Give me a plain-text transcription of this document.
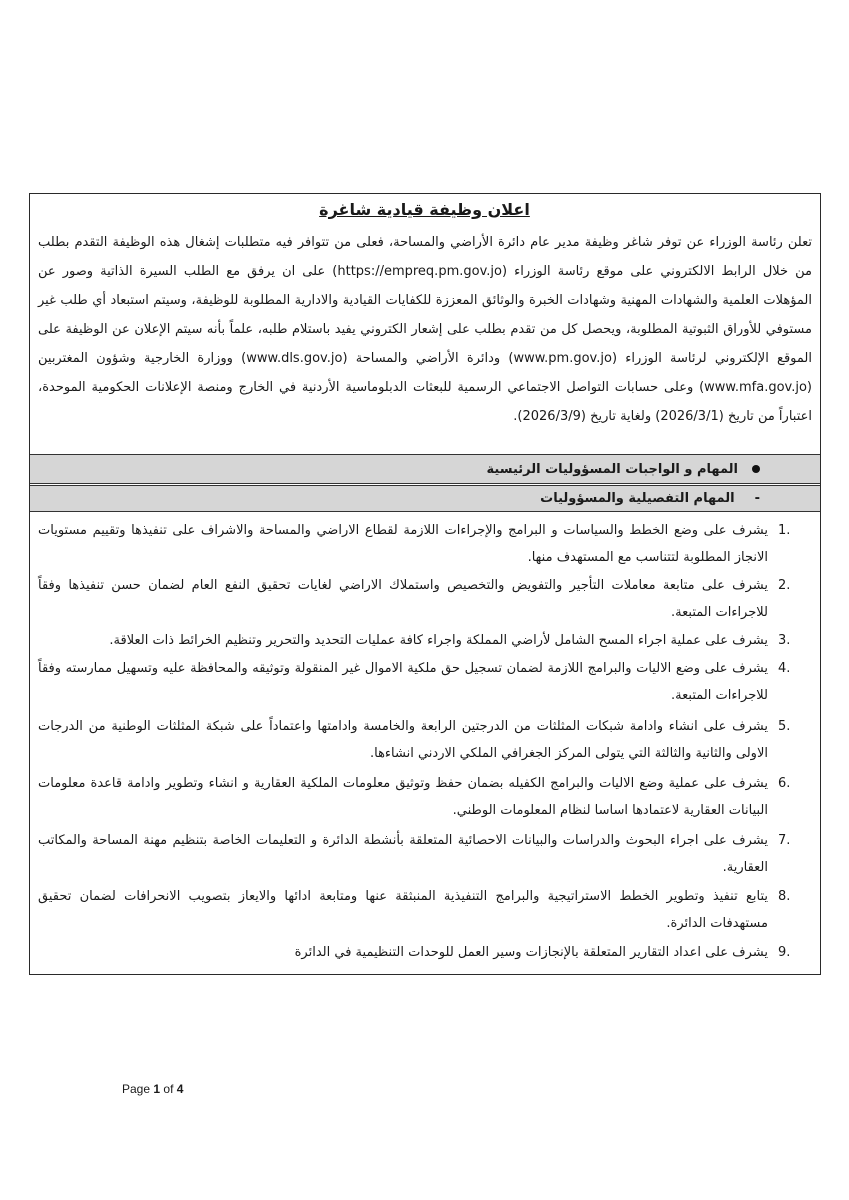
اعلان وظيفة قيادية شاغرة

تعلن رئاسة الوزراء عن توفر شاغر وظيفة مدير عام دائرة الأراضي والمساحة، فعلى من تتوافر فيه متطلبات إشغال هذه الوظيفة التقدم بطلب من خلال الرابط الالكتروني على موقع رئاسة الوزراء (https://empreq.pm.gov.jo) على ان يرفق مع الطلب السيرة الذاتية وصور عن المؤهلات العلمية والشهادات المهنية وشهادات الخبرة والوثائق المعززة للكفايات القيادية والادارية المطلوبة للوظيفة، وسيتم استبعاد أي طلب غير مستوفي للأوراق الثبوتية المطلوبة، ويحصل كل من تقدم بطلب على إشعار الكتروني يفيد باستلام طلبه، علماً بأنه سيتم الإعلان عن الوظيفة على الموقع الإلكتروني لرئاسة الوزراء (www.pm.gov.jo) ودائرة الأراضي والمساحة (www.dls.gov.jo) ووزارة الخارجية وشؤون المغتربين (www.mfa.gov.jo) وعلى حسابات التواصل الاجتماعي الرسمية للبعثات الدبلوماسية الأردنية في الخارج ومنصة الإعلانات الحكومية الموحدة، اعتباراً من تاريخ (2026/3/1) ولغاية تاريخ (2026/3/9).

المهام و الواجبات المسؤوليات الرئيسية
-
المهام التفصيلية والمسؤوليات
1.
يشرف على وضع الخطط والسياسات و البرامج والإجراءات اللازمة لقطاع الاراضي والمساحة والاشراف على تنفيذها وتقييم مستويات الانجاز المطلوبة لتتناسب مع المستهدف منها.
2.
يشرف على متابعة معاملات التأجير والتفويض والتخصيص واستملاك الاراضي لغايات تحقيق النفع العام لضمان حسن تنفيذها وفقاً للاجراءات المتبعة.
3.
يشرف على عملية اجراء المسح الشامل لأراضي المملكة واجراء كافة عمليات التحديد والتحرير وتنظيم الخرائط ذات العلاقة.
4.
يشرف على وضع الاليات والبرامج اللازمة لضمان تسجيل حق ملكية الاموال غير المنقولة وتوثيقه والمحافظة عليه وتسهيل ممارسته وفقاً للاجراءات المتبعة.
5.
يشرف على انشاء وادامة شبكات المثلثات من الدرجتين الرابعة والخامسة وادامتها واعتماداً على شبكة المثلثات الوطنية من الدرجات الاولى والثانية والثالثة التي يتولى المركز الجغرافي الملكي الاردني انشاءها.
6.
يشرف على عملية وضع الاليات والبرامج الكفيله بضمان حفظ وتوثيق معلومات الملكية العقارية و انشاء وتطوير وادامة قاعدة معلومات البيانات العقارية لاعتمادها اساسا لنظام المعلومات الوطني.
7.
يشرف على اجراء البحوث والدراسات والبيانات الاحصائية المتعلقة بأنشطة الدائرة و التعليمات الخاصة بتنظيم مهنة المساحة والمكاتب العقارية.
8.
يتابع تنفيذ وتطوير الخطط الاستراتيجية والبرامج التنفيذية المنبثقة عنها ومتابعة ادائها والايعاز بتصويب الانحرافات لضمان تحقيق مستهدفات الدائرة.
9.
يشرف على اعداد التقارير المتعلقة بالإنجازات وسير العمل للوحدات التنظيمية في الدائرة
Page 1 of 4
